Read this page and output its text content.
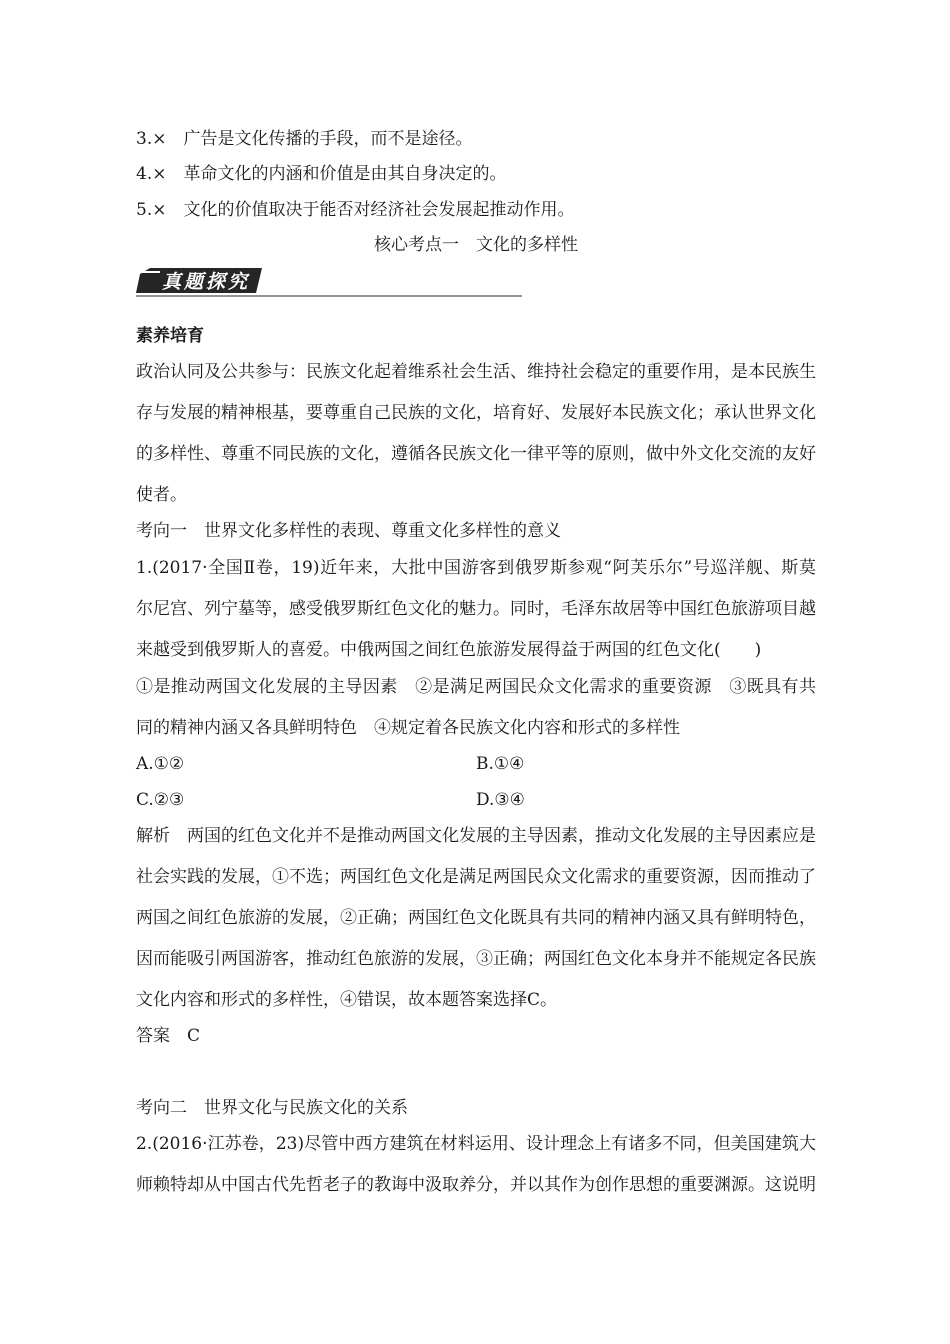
3.×　广告是文化传播的手段，而不是途径。
4.×　革命文化的内涵和价值是由其自身决定的。
5.×　文化的价值取决于能否对经济社会发展起推动作用。
核心考点一　文化的多样性
真题探究
素养培育
政治认同及公共参与：民族文化起着维系社会生活、维持社会稳定的重要作用，是本民族生
存与发展的精神根基，要尊重自己民族的文化，培育好、发展好本民族文化；承认世界文化
的多样性、尊重不同民族的文化，遵循各民族文化一律平等的原则，做中外文化交流的友好
使者。
考向一　世界文化多样性的表现、尊重文化多样性的意义
1.(2017·全国Ⅱ卷，19)近年来，大批中国游客到俄罗斯参观“阿芙乐尔”号巡洋舰、斯莫
尔尼宫、列宁墓等，感受俄罗斯红色文化的魅力。同时，毛泽东故居等中国红色旅游项目越
来越受到俄罗斯人的喜爱。中俄两国之间红色旅游发展得益于两国的红色文化(　　)
①是推动两国文化发展的主导因素　②是满足两国民众文化需求的重要资源　③既具有共
同的精神内涵又各具鲜明特色　④规定着各民族文化内容和形式的多样性
A.①②	B.①④
C.②③	D.③④
解析　两国的红色文化并不是推动两国文化发展的主导因素，推动文化发展的主导因素应是
社会实践的发展，①不选；两国红色文化是满足两国民众文化需求的重要资源，因而推动了
两国之间红色旅游的发展，②正确；两国红色文化既具有共同的精神内涵又具有鲜明特色，
因而能吸引两国游客，推动红色旅游的发展，③正确；两国红色文化本身并不能规定各民族
文化内容和形式的多样性，④错误，故本题答案选择C。
答案　C
考向二　世界文化与民族文化的关系
2.(2016·江苏卷，23)尽管中西方建筑在材料运用、设计理念上有诸多不同，但美国建筑大
师赖特却从中国古代先哲老子的教诲中汲取养分，并以其作为创作思想的重要渊源。这说明
